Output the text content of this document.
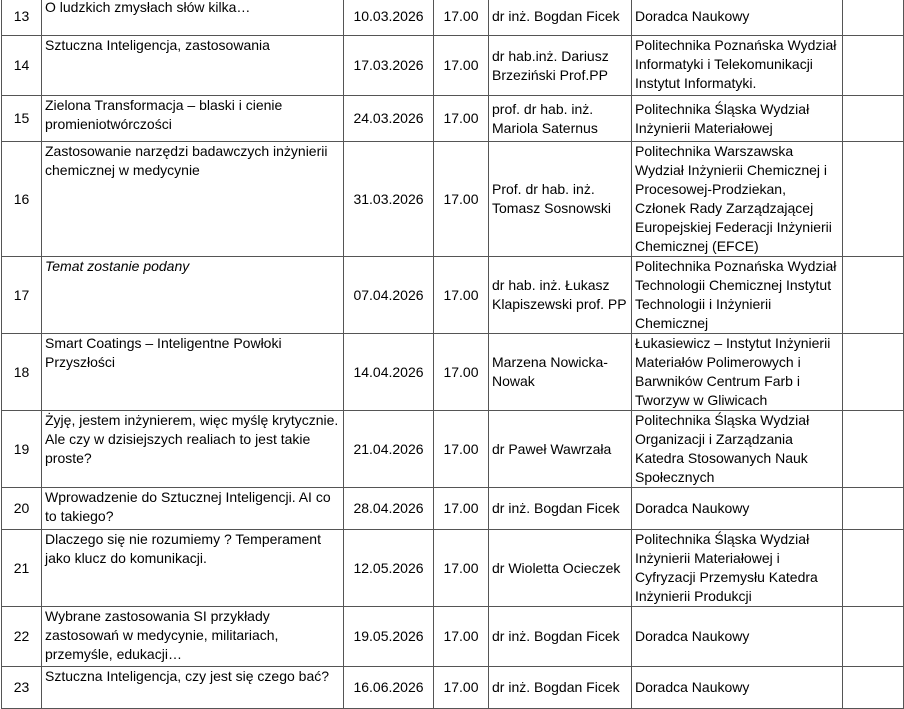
13	O ludzkich zmysłach słów kilka…	10.03.2026	17.00	dr inż. Bogdan Ficek	Doradca Naukowy	
14	Sztuczna Inteligencja, zastosowania	17.03.2026	17.00	dr hab.inż. Dariusz Brzeziński Prof.PP	Politechnika Poznańska Wydział Informatyki i Telekomunikacji Instytut Informatyki.	
15	Zielona Transformacja – blaski i cienie promieniotwórczości	24.03.2026	17.00	prof. dr hab. inż. Mariola Saternus	Politechnika Śląska Wydział Inżynierii Materiałowej	
16	Zastosowanie narzędzi badawczych inżynierii chemicznej w medycynie	31.03.2026	17.00	Prof. dr hab. inż. Tomasz Sosnowski	Politechnika Warszawska Wydział Inżynierii Chemicznej i Procesowej-Prodziekan, Członek Rady Zarządzającej Europejskiej Federacji Inżynierii Chemicznej (EFCE)	
17	Temat zostanie podany	07.04.2026	17.00	dr hab. inż. Łukasz Klapiszewski prof. PP	Politechnika Poznańska Wydział Technologii Chemicznej Instytut Technologii i Inżynierii Chemicznej	
18	Smart Coatings – Inteligentne Powłoki Przyszłości	14.04.2026	17.00	Marzena Nowicka-Nowak	Łukasiewicz – Instytut Inżynierii Materiałów Polimerowych i Barwników Centrum Farb i Tworzyw w Gliwicach	
19	Żyję, jestem inżynierem, więc myślę krytycznie. Ale czy w dzisiejszych realiach to jest takie proste?	21.04.2026	17.00	dr Paweł Wawrzała	Politechnika Śląska Wydział Organizacji i Zarządzania Katedra Stosowanych Nauk Społecznych	
20	Wprowadzenie do Sztucznej Inteligencji. AI co to takiego?	28.04.2026	17.00	dr inż. Bogdan Ficek	Doradca Naukowy	
21	Dlaczego się nie rozumiemy ? Temperament jako klucz do komunikacji.	12.05.2026	17.00	dr Wioletta Ocieczek	Politechnika Śląska Wydział Inżynierii Materiałowej i Cyfryzacji Przemysłu Katedra Inżynierii Produkcji	
22	Wybrane zastosowania SI przykłady zastosowań w medycynie, militariach, przemyśle, edukacji…	19.05.2026	17.00	dr inż. Bogdan Ficek	Doradca Naukowy	
23	Sztuczna Inteligencja, czy jest się czego bać?	16.06.2026	17.00	dr inż. Bogdan Ficek	Doradca Naukowy	
